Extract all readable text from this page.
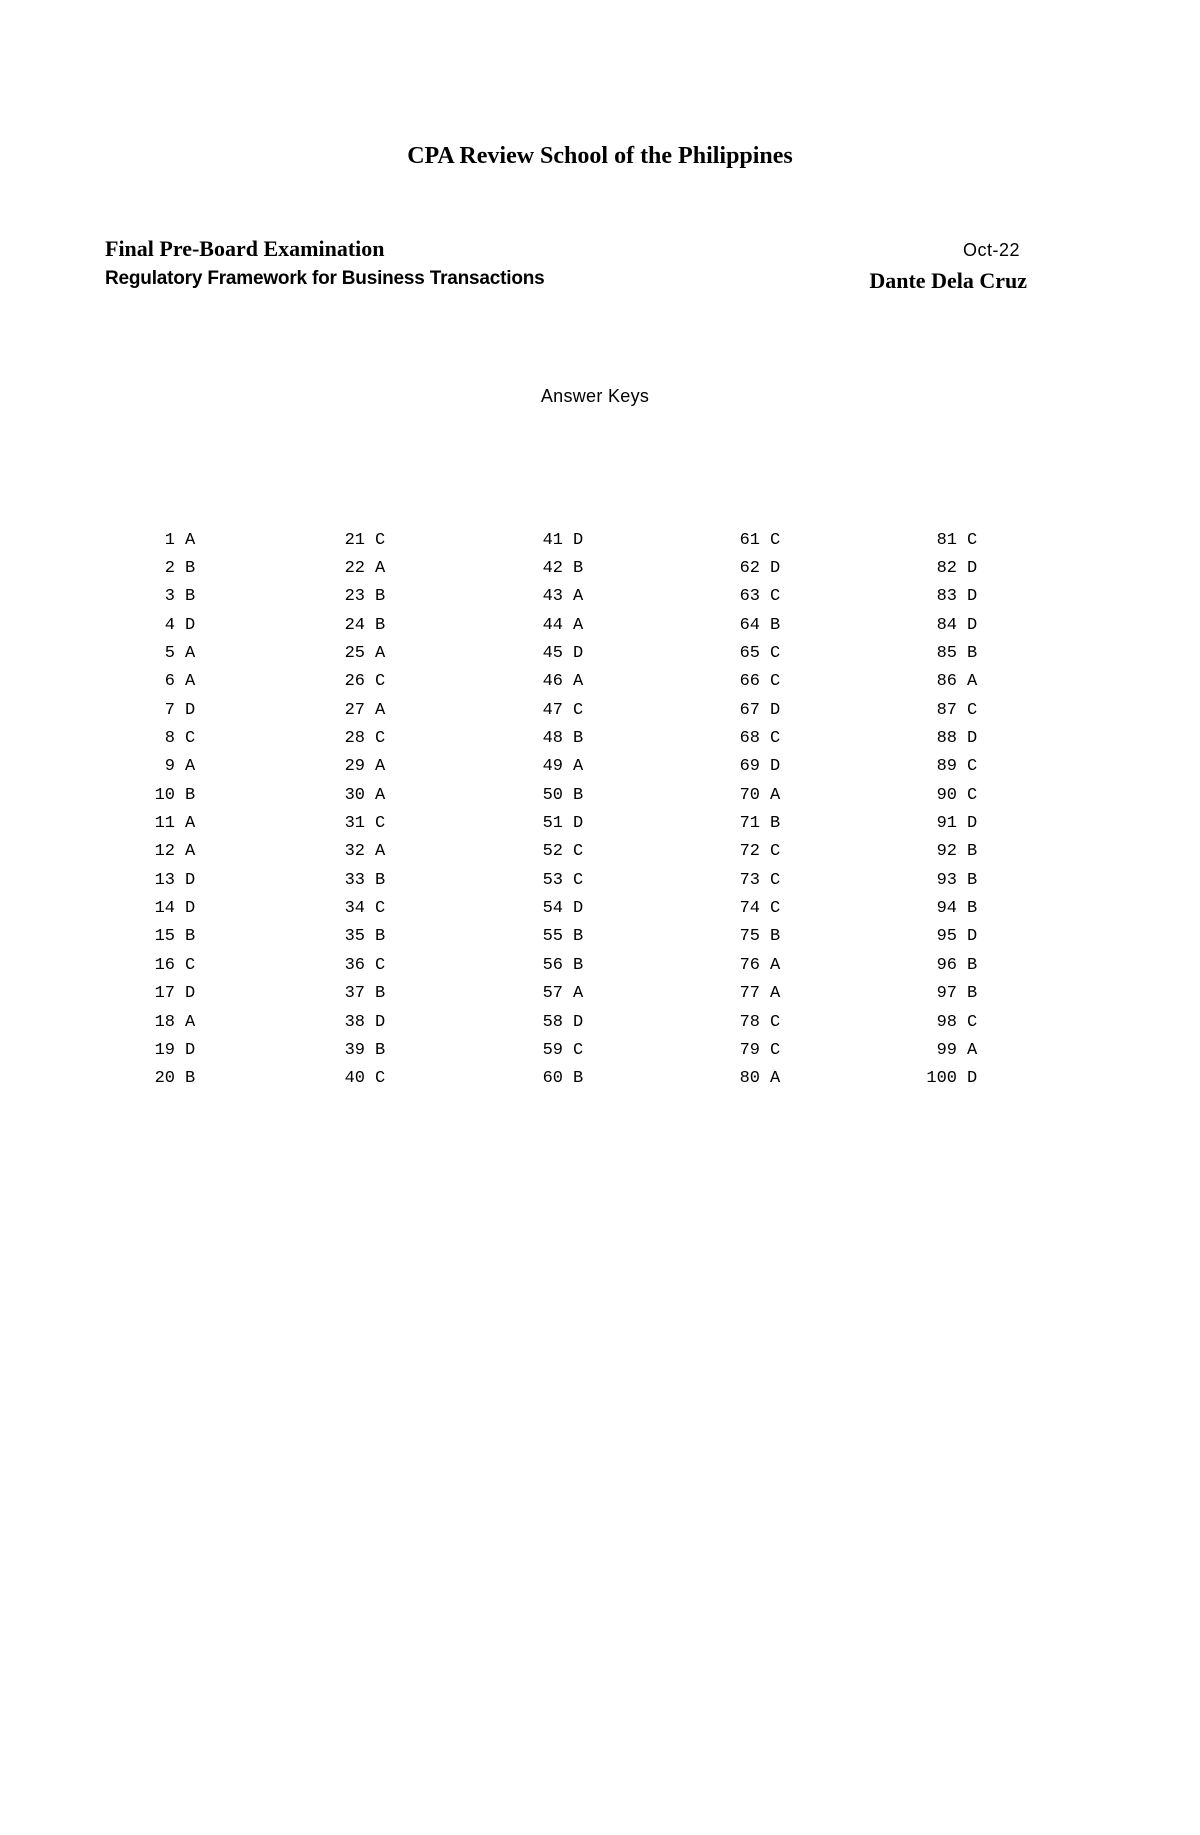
CPA Review School of the Philippines
Final Pre-Board Examination	Oct-22
Regulatory Framework for Business Transactions	Dante Dela Cruz
Answer Keys
1 A
2 B
3 B
4 D
5 A
6 A
7 D
8 C
9 A
10 B
11 A
12 A
13 D
14 D
15 B
16 C
17 D
18 A
19 D
20 B
21 C
22 A
23 B
24 B
25 A
26 C
27 A
28 C
29 A
30 A
31 C
32 A
33 B
34 C
35 B
36 C
37 B
38 D
39 B
40 C
41 D
42 B
43 A
44 A
45 D
46 A
47 C
48 B
49 A
50 B
51 D
52 C
53 C
54 D
55 B
56 B
57 A
58 D
59 C
60 B
61 C
62 D
63 C
64 B
65 C
66 C
67 D
68 C
69 D
70 A
71 B
72 C
73 C
74 C
75 B
76 A
77 A
78 C
79 C
80 A
81 C
82 D
83 D
84 D
85 B
86 A
87 C
88 D
89 C
90 C
91 D
92 B
93 B
94 B
95 D
96 B
97 B
98 C
99 A
100 D
